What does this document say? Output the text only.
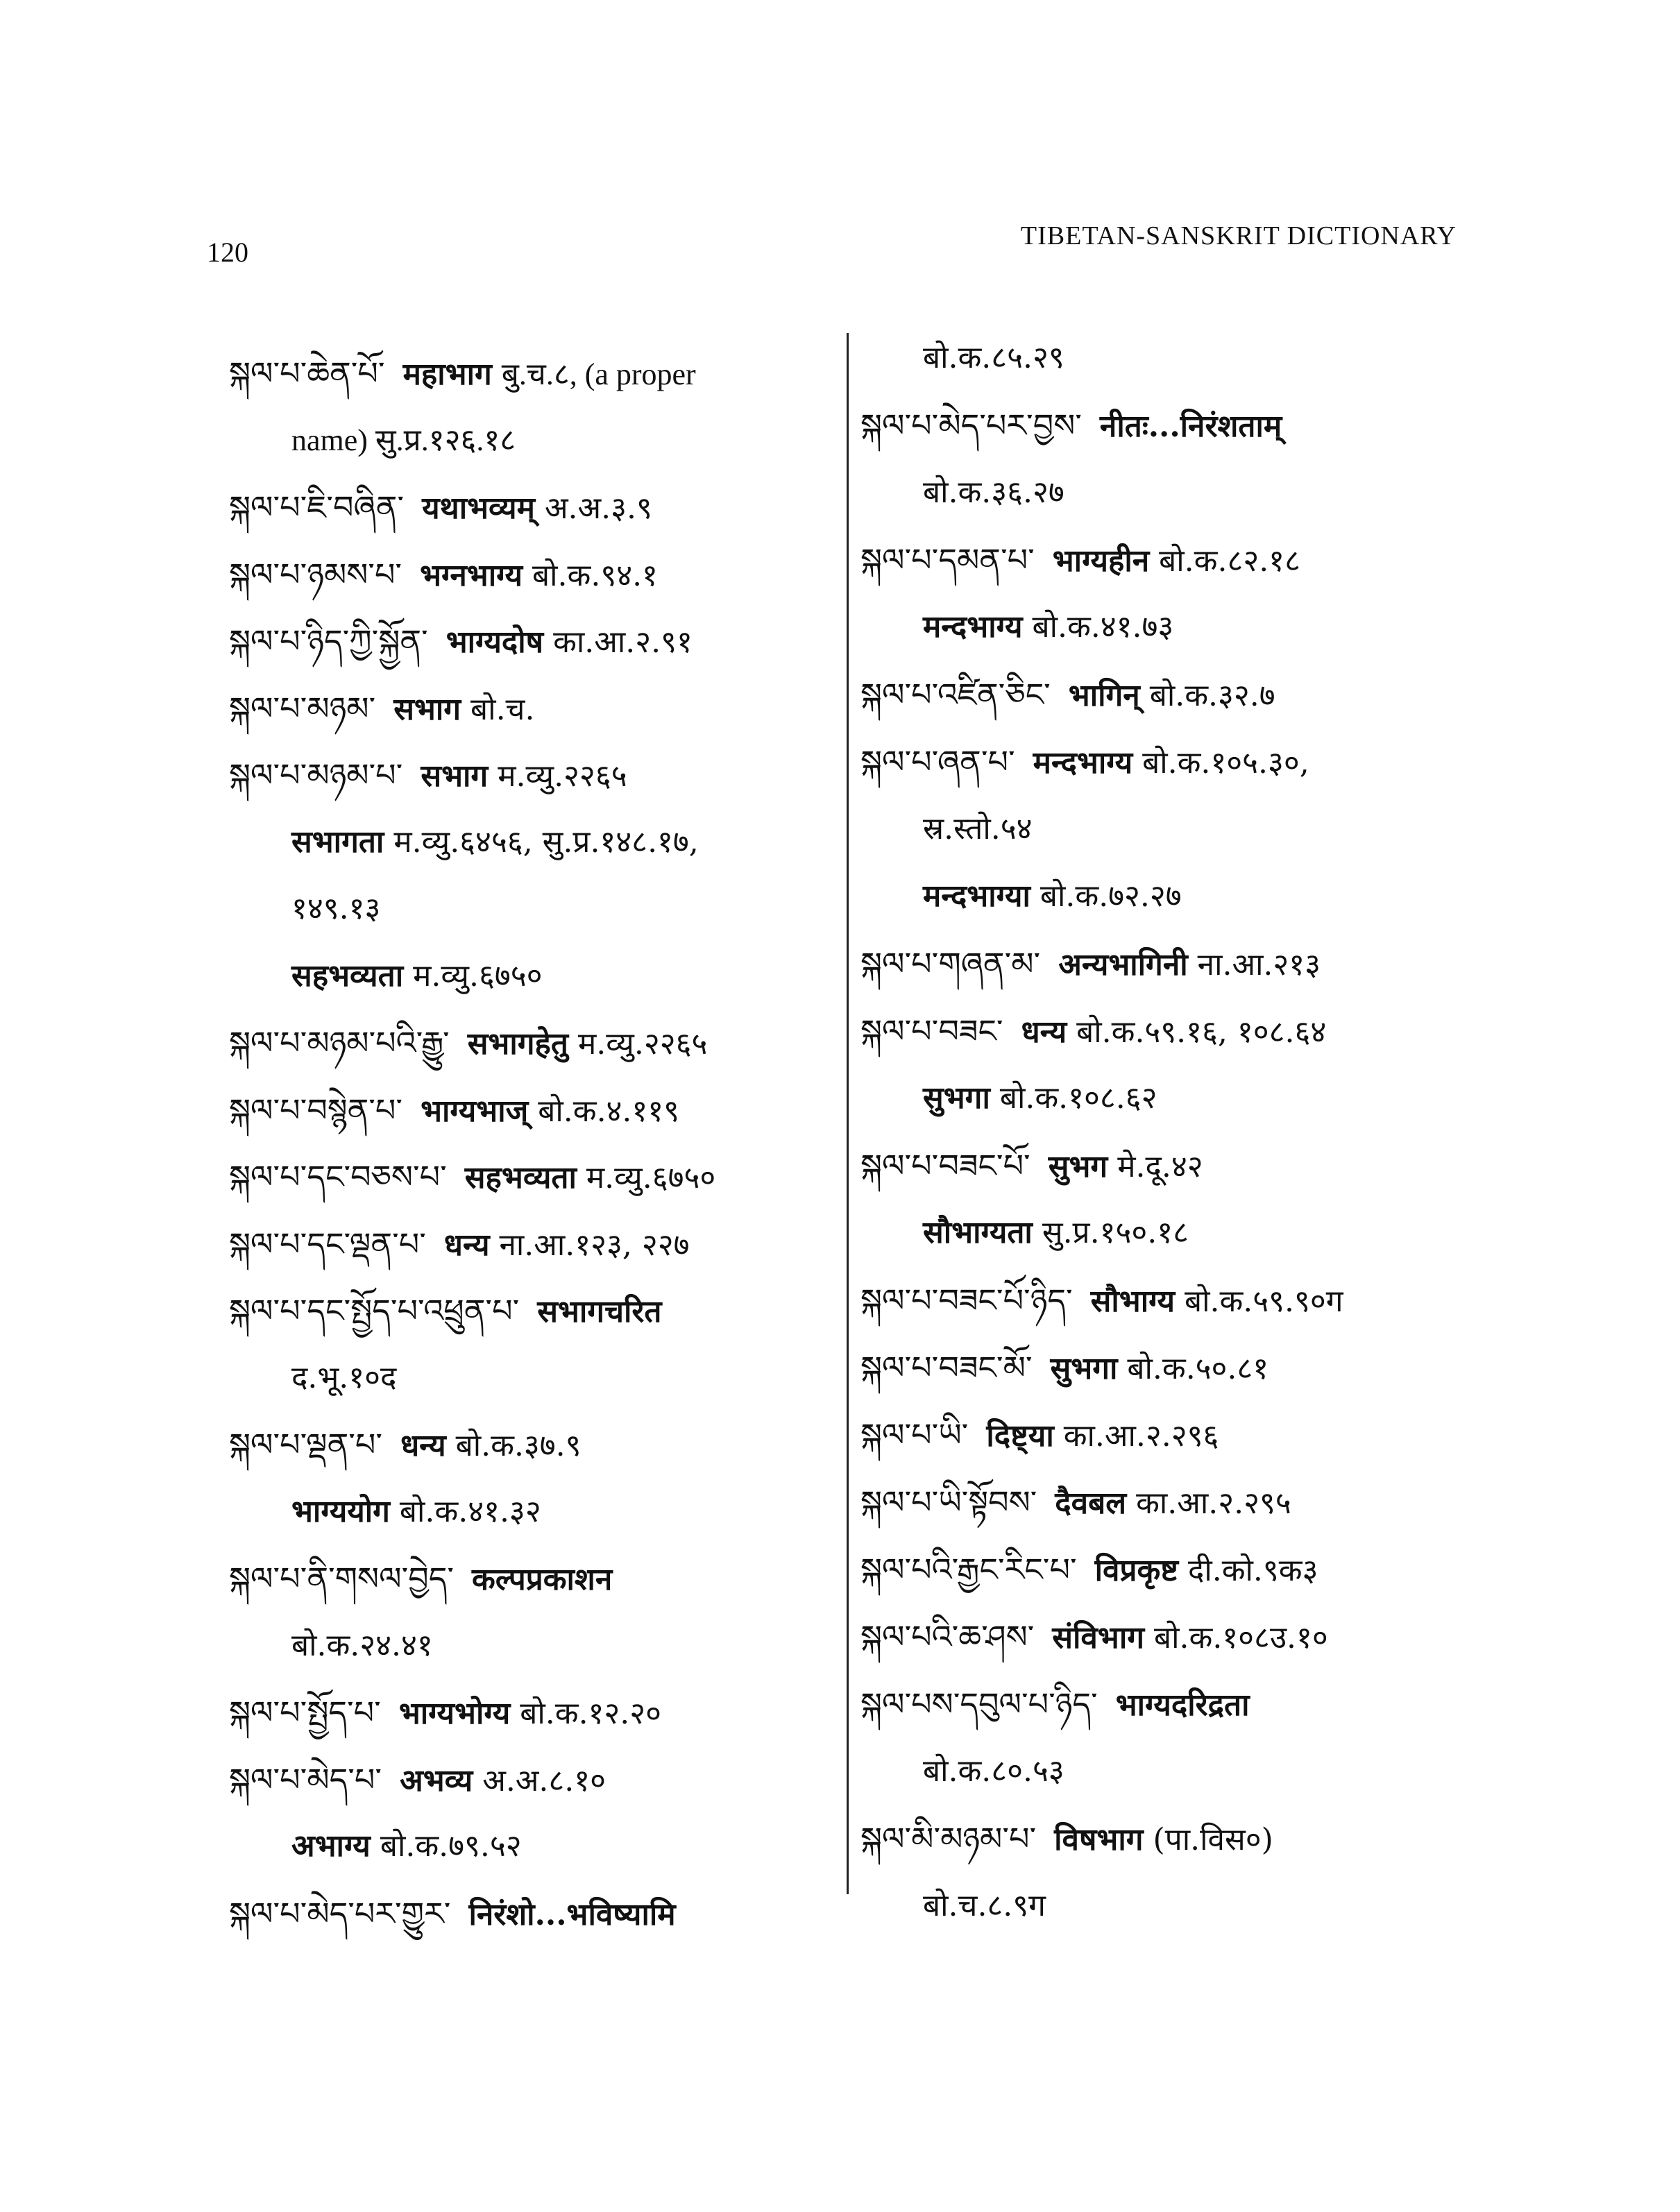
120
TIBETAN-SANSKRIT DICTIONARY
སྐལ་པ་ཆེན་པོ་ महाभाग बु.च.८, (a proper
name) सु.प्र.१२६.१८
སྐལ་པ་ཇི་བཞིན་ यथाभव्यम् अ.अ.३.९
སྐལ་པ་ཉམས་པ་ भग्नभाग्य बो.क.९४.१
སྐལ་པ་ཉིད་ཀྱི་སྐྱོན་ भाग्यदोष का.आ.२.९१
སྐལ་པ་མཉམ་ सभाग बो.च.
སྐལ་པ་མཉམ་པ་ सभाग म.व्यु.२२६५
सभागता म.व्यु.६४५६, सु.प्र.१४८.१७,
१४९.१३
सहभव्यता म.व्यु.६७५०
སྐལ་པ་མཉམ་པའི་རྒྱུ་ सभागहेतु म.व्यु.२२६५
སྐལ་པ་བསྙེན་པ་ भाग्यभाज् बो.क.४.११९
སྐལ་པ་དང་བཅས་པ་ सहभव्यता म.व्यु.६७५०
སྐལ་པ་དང་ལྡན་པ་ धन्य ना.आ.१२३, २२७
སྐལ་པ་དང་སྤྱོད་པ་འཕྲུན་པ་ सभागचरित
द.भू.१०द
སྐལ་པ་ལྡན་པ་ धन्य बो.क.३७.९
भाग्ययोग बो.क.४१.३२
སྐལ་པ་ནི་གསལ་བྱེད་ कल्पप्रकाशन
बो.क.२४.४१
སྐལ་པ་སྤྱོད་པ་ भाग्यभोग्य बो.क.१२.२०
སྐལ་པ་མེད་པ་ अभव्य अ.अ.८.१०
अभाग्य बो.क.७९.५२
སྐལ་པ་མེད་པར་གྱུར་ निरंशो...भविष्यामि
बो.क.८५.२९
སྐལ་པ་མེད་པར་བྱས་ नीतः...निरंशताम्
बो.क.३६.२७
སྐལ་པ་དམན་པ་ भाग्यहीन बो.क.८२.१८
मन्दभाग्य बो.क.४१.७३
སྐལ་པ་འཛིན་ཅིང་ भागिन् बो.क.३२.७
སྐལ་པ་ཞན་པ་ मन्दभाग्य बो.क.१०५.३०,
स्र.स्तो.५४
मन्दभाग्या बो.क.७२.२७
སྐལ་པ་གཞན་མ་ अन्यभागिनी ना.आ.२१३
སྐལ་པ་བཟང་ धन्य बो.क.५९.१६, १०८.६४
सुभगा बो.क.१०८.६२
སྐལ་པ་བཟང་པོ་ सुभग मे.दू.४२
सौभाग्यता सु.प्र.१५०.१८
སྐལ་པ་བཟང་པོ་ཉིད་ सौभाग्य बो.क.५९.९०ग
སྐལ་པ་བཟང་མོ་ सुभगा बो.क.५०.८१
སྐལ་པ་ཡི་ दिष्ट्या का.आ.२.२९६
སྐལ་པ་ཡི་སྟོབས་ दैवबल का.आ.२.२९५
སྐལ་པའི་རྒྱང་རིང་པ་ विप्रकृष्ट दी.को.९क३
སྐལ་པའི་ཆ་ཤས་ संविभाग बो.क.१०८उ.१०
སྐལ་པས་དབུལ་པ་ཉིད་ भाग्यदरिद्रता
बो.क.८०.५३
སྐལ་མི་མཉམ་པ་ विषभाग (पा.विस०)
बो.च.८.९ग
